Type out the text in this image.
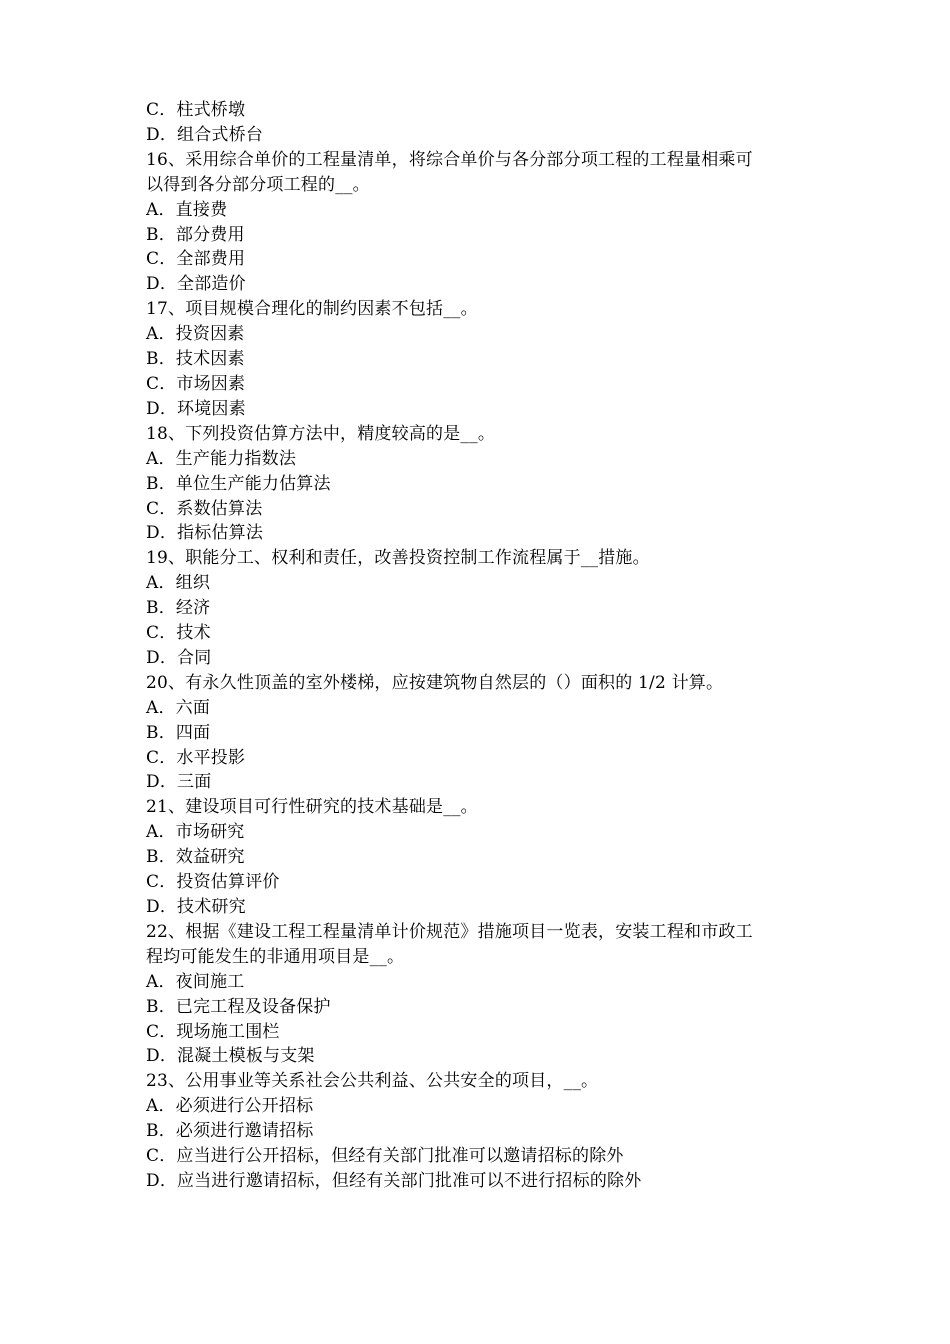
C．柱式桥墩

D．组合式桥台

16、采用综合单价的工程量清单，将综合单价与各分部分项工程的工程量相乘可

以得到各分部分项工程的__。

A．直接费

B．部分费用

C．全部费用

D．全部造价

17、项目规模合理化的制约因素不包括__。

A．投资因素

B．技术因素

C．市场因素

D．环境因素

18、下列投资估算方法中，精度较高的是__。

A．生产能力指数法

B．单位生产能力估算法

C．系数估算法

D．指标估算法

19、职能分工、权利和责任，改善投资控制工作流程属于__措施。

A．组织

B．经济

C．技术

D．合同

20、有永久性顶盖的室外楼梯，应按建筑物自然层的（）面积的 1/2 计算。

A．六面

B．四面

C．水平投影

D．三面

21、建设项目可行性研究的技术基础是__。

A．市场研究

B．效益研究

C．投资估算评价

D．技术研究

22、根据《建设工程工程量清单计价规范》措施项目一览表，安装工程和市政工

程均可能发生的非通用项目是__。

A．夜间施工

B．已完工程及设备保护

C．现场施工围栏

D．混凝土模板与支架

23、公用事业等关系社会公共利益、公共安全的项目，__。

A．必须进行公开招标

B．必须进行邀请招标

C．应当进行公开招标，但经有关部门批准可以邀请招标的除外

D．应当进行邀请招标，但经有关部门批准可以不进行招标的除外
